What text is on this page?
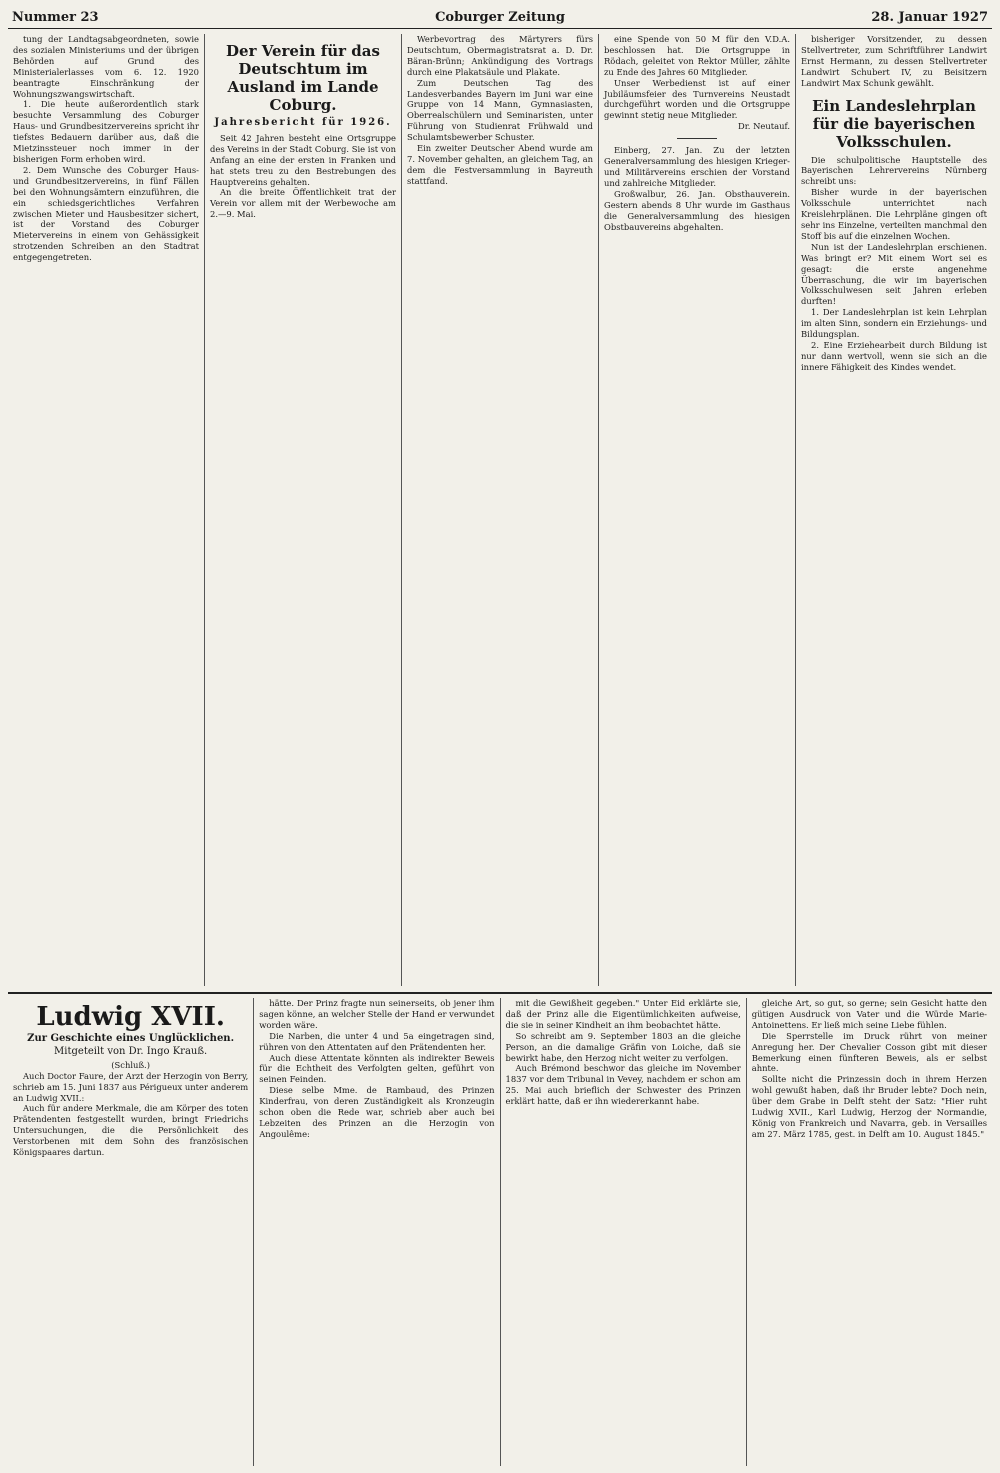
Nummer 23	Coburger Zeitung	28. Januar 1927

tung der Landtagsabgeordneten, sowie des sozialen Ministeriums und der übrigen Behörden auf Grund des Ministerialerlasses vom 6. 12. 1920 beantragte Einschränkung der Wohnungszwangswirtschaft.

1. Die heute außerordentlich stark besuchte Versammlung des Coburger Haus- und Grundbesitzervereins spricht ihr tiefstes Bedauern darüber aus, daß die Mietzinssteuer noch immer in der bisherigen Form erhoben wird.

2. Dem Wunsche des Coburger Haus- und Grundbesitzervereins, in fünf Fällen bei den Wohnungsämtern einzuführen, die ein schiedsgerichtliches Verfahren zwischen Mieter und Hausbesitzer sichert, ist der Vorstand des Coburger Mietervereins in einem von Gehässigkeit strotzenden Schreiben an den Stadtrat entgegengetreten.

Der Verein für das Deutschtum im Ausland im Lande Coburg.
Jahresbericht für 1926.

Seit 42 Jahren besteht eine Ortsgruppe des Vereins in der Stadt Coburg. Sie ist von Anfang an eine der ersten in Franken und hat stets treu zu den Bestrebungen des Hauptvereins gehalten.

An die breite Öffentlichkeit trat der Verein vor allem mit der Werbewoche am 2.—9. Mai.

Werbevortrag des Märtyrers fürs Deutschtum, Obermagistratsrat a. D. Dr. Bäran-Brünn; Ankündigung des Vortrags durch eine Plakatsäule und Plakate.

Zum Deutschen Tag des Landesverbandes Bayern im Juni war eine Gruppe von 14 Mann, Gymnasiasten, Oberrealschülern und Seminaristen, unter Führung von Studienrat Frühwald und Schulamtsbewerber Schuster.

Ein zweiter Deutscher Abend wurde am 7. November gehalten, an gleichem Tag, an dem die Festversammlung in Bayreuth stattfand.

eine Spende von 50 M für den V.D.A. beschlossen hat. Die Ortsgruppe in Rödach, geleitet von Rektor Müller, zählte zu Ende des Jahres 60 Mitglieder.

Unser Werbedienst ist auf einer Jubiläumsfeier des Turnvereins Neustadt durchgeführt worden und die Ortsgruppe gewinnt stetig neue Mitglieder.

Dr. Neutauf.

Einberg, 27. Jan. Zu der letzten Generalversammlung des hiesigen Krieger- und Militärvereins erschien der Vorstand und zahlreiche Mitglieder.

Großwalbur, 26. Jan. Obsthauverein. Gestern abends 8 Uhr wurde im Gasthaus die Generalversammlung des hiesigen Obstbauvereins abgehalten.

bisheriger Vorsitzender, zu dessen Stellvertreter, zum Schriftführer Landwirt Ernst Hermann, zu dessen Stellvertreter Landwirt Schubert IV, zu Beisitzern Landwirt Max Schunk gewählt.

Ein Landeslehrplan für die bayerischen Volksschulen.

Die schulpolitische Hauptstelle des Bayerischen Lehrervereins Nürnberg schreibt uns:

Bisher wurde in der bayerischen Volksschule unterrichtet nach Kreislehrplänen. Die Lehrpläne gingen oft sehr ins Einzelne, verteilten manchmal den Stoff bis auf die einzelnen Wochen.

Nun ist der Landeslehrplan erschienen. Was bringt er? Mit einem Wort sei es gesagt: die erste angenehme Überraschung, die wir im bayerischen Volksschulwesen seit Jahren erleben durften!

1. Der Landeslehrplan ist kein Lehrplan im alten Sinn, sondern ein Erziehungs- und Bildungsplan.

2. Eine Erziehearbeit durch Bildung ist nur dann wertvoll, wenn sie sich an die innere Fähigkeit des Kindes wendet.

Ludwig XVII.
Zur Geschichte eines Unglücklichen.
Mitgeteilt von Dr. Ingo Krauß.
(Schluß.)

Auch Doctor Faure, der Arzt der Herzogin von Berry, schrieb am 15. Juni 1837 aus Périgueux unter anderem an Ludwig XVII.:

Auch für andere Merkmale, die am Körper des toten Prätendenten festgestellt wurden, bringt Friedrichs Untersuchungen, die die Persönlichkeit des Verstorbenen mit dem Sohn des französischen Königspaares dartun.

hätte. Der Prinz fragte nun seinerseits, ob jener ihm sagen könne, an welcher Stelle der Hand er verwundet worden wäre.

Die Narben, die unter 4 und 5a eingetragen sind, rühren von den Attentaten auf den Prätendenten her.

Auch diese Attentate könnten als indirekter Beweis für die Echtheit des Verfolgten gelten, geführt von seinen Feinden.

Diese selbe Mme. de Rambaud, des Prinzen Kinderfrau, von deren Zuständigkeit als Kronzeugin schon oben die Rede war, schrieb aber auch bei Lebzeiten des Prinzen an die Herzogin von Angoulême:

mit die Gewißheit gegeben." Unter Eid erklärte sie, daß der Prinz alle die Eigentümlichkeiten aufweise, die sie in seiner Kindheit an ihm beobachtet hätte.

So schreibt am 9. September 1803 an die gleiche Person, an die damalige Gräfin von Loiche, daß sie bewirkt habe, den Herzog nicht weiter zu verfolgen.

Auch Brémond beschwor das gleiche im November 1837 vor dem Tribunal in Vevey, nachdem er schon am 25. Mai auch brieflich der Schwester des Prinzen erklärt hatte, daß er ihn wiedererkannt habe.

gleiche Art, so gut, so gerne; sein Gesicht hatte den gütigen Ausdruck von Vater und die Würde Marie-Antoinettens. Er ließ mich seine Liebe fühlen.

Die Sperrstelle im Druck rührt von meiner Anregung her. Der Chevalier Cosson gibt mit dieser Bemerkung einen fünfteren Beweis, als er selbst ahnte.

Sollte nicht die Prinzessin doch in ihrem Herzen wohl gewußt haben, daß ihr Bruder lebte? Doch nein, über dem Grabe in Delft steht der Satz: "Hier ruht Ludwig XVII., Karl Ludwig, Herzog der Normandie, König von Frankreich und Navarra, geb. in Versailles am 27. März 1785, gest. in Delft am 10. August 1845."
